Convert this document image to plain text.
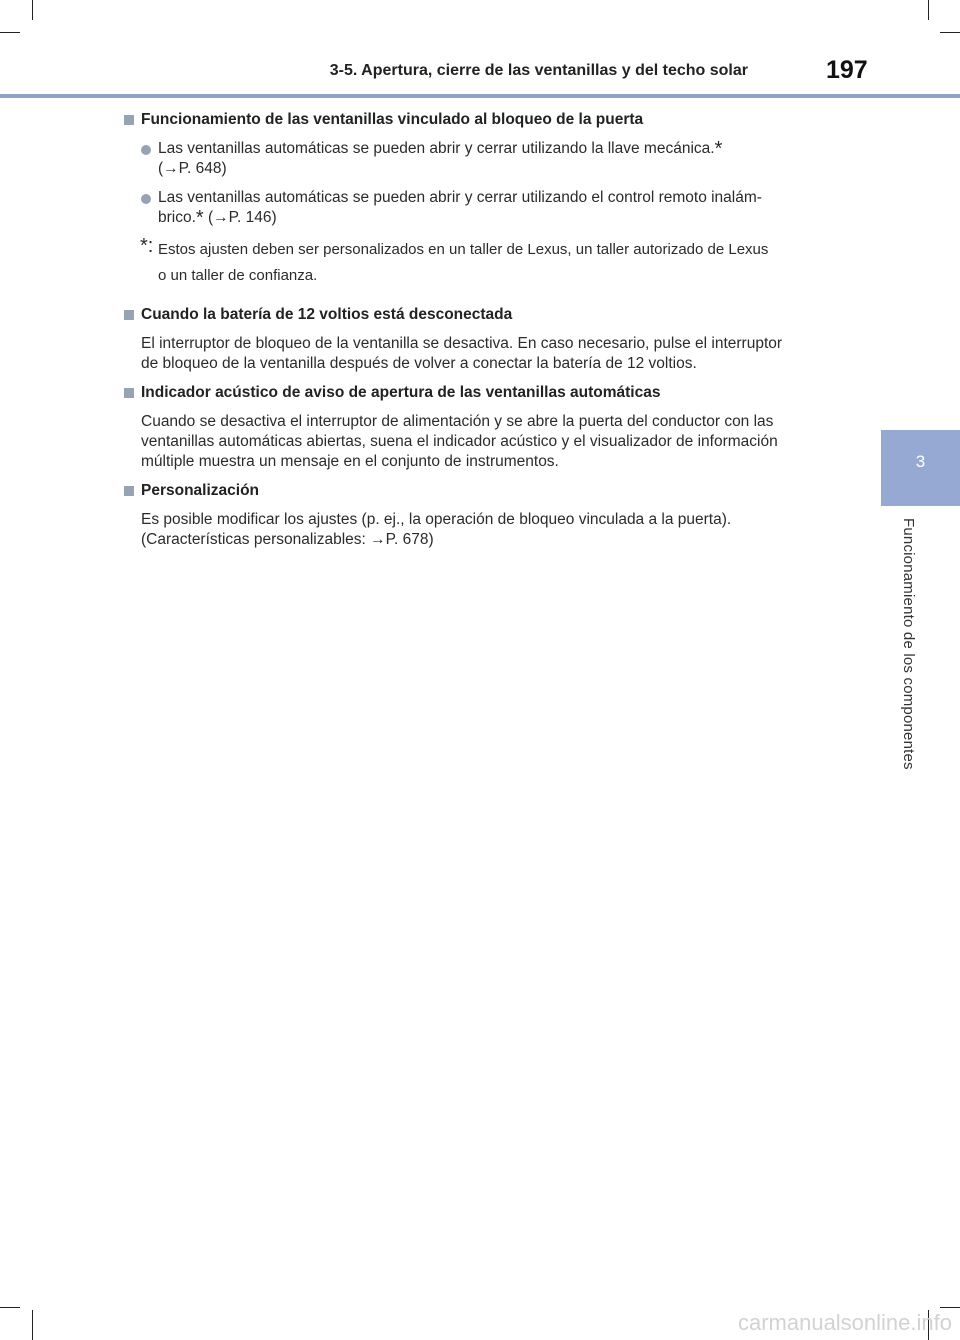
3-5. Apertura, cierre de las ventanillas y del techo solar	197
3
Funcionamiento de los componentes
Funcionamiento de las ventanillas vinculado al bloqueo de la puerta
Las ventanillas automáticas se pueden abrir y cerrar utilizando la llave mecánica.*
(→P. 648)
Las ventanillas automáticas se pueden abrir y cerrar utilizando el control remoto inalám-
brico.* (→P. 146)
*: Estos ajusten deben ser personalizados en un taller de Lexus, un taller autorizado de Lexus
o un taller de confianza.
Cuando la batería de 12 voltios está desconectada
El interruptor de bloqueo de la ventanilla se desactiva. En caso necesario, pulse el interruptor
de bloqueo de la ventanilla después de volver a conectar la batería de 12 voltios.
Indicador acústico de aviso de apertura de las ventanillas automáticas
Cuando se desactiva el interruptor de alimentación y se abre la puerta del conductor con las
ventanillas automáticas abiertas, suena el indicador acústico y el visualizador de información
múltiple muestra un mensaje en el conjunto de instrumentos.
Personalización
Es posible modificar los ajustes (p. ej., la operación de bloqueo vinculada a la puerta).
(Características personalizables: →P. 678)
carmanualsonline.info
